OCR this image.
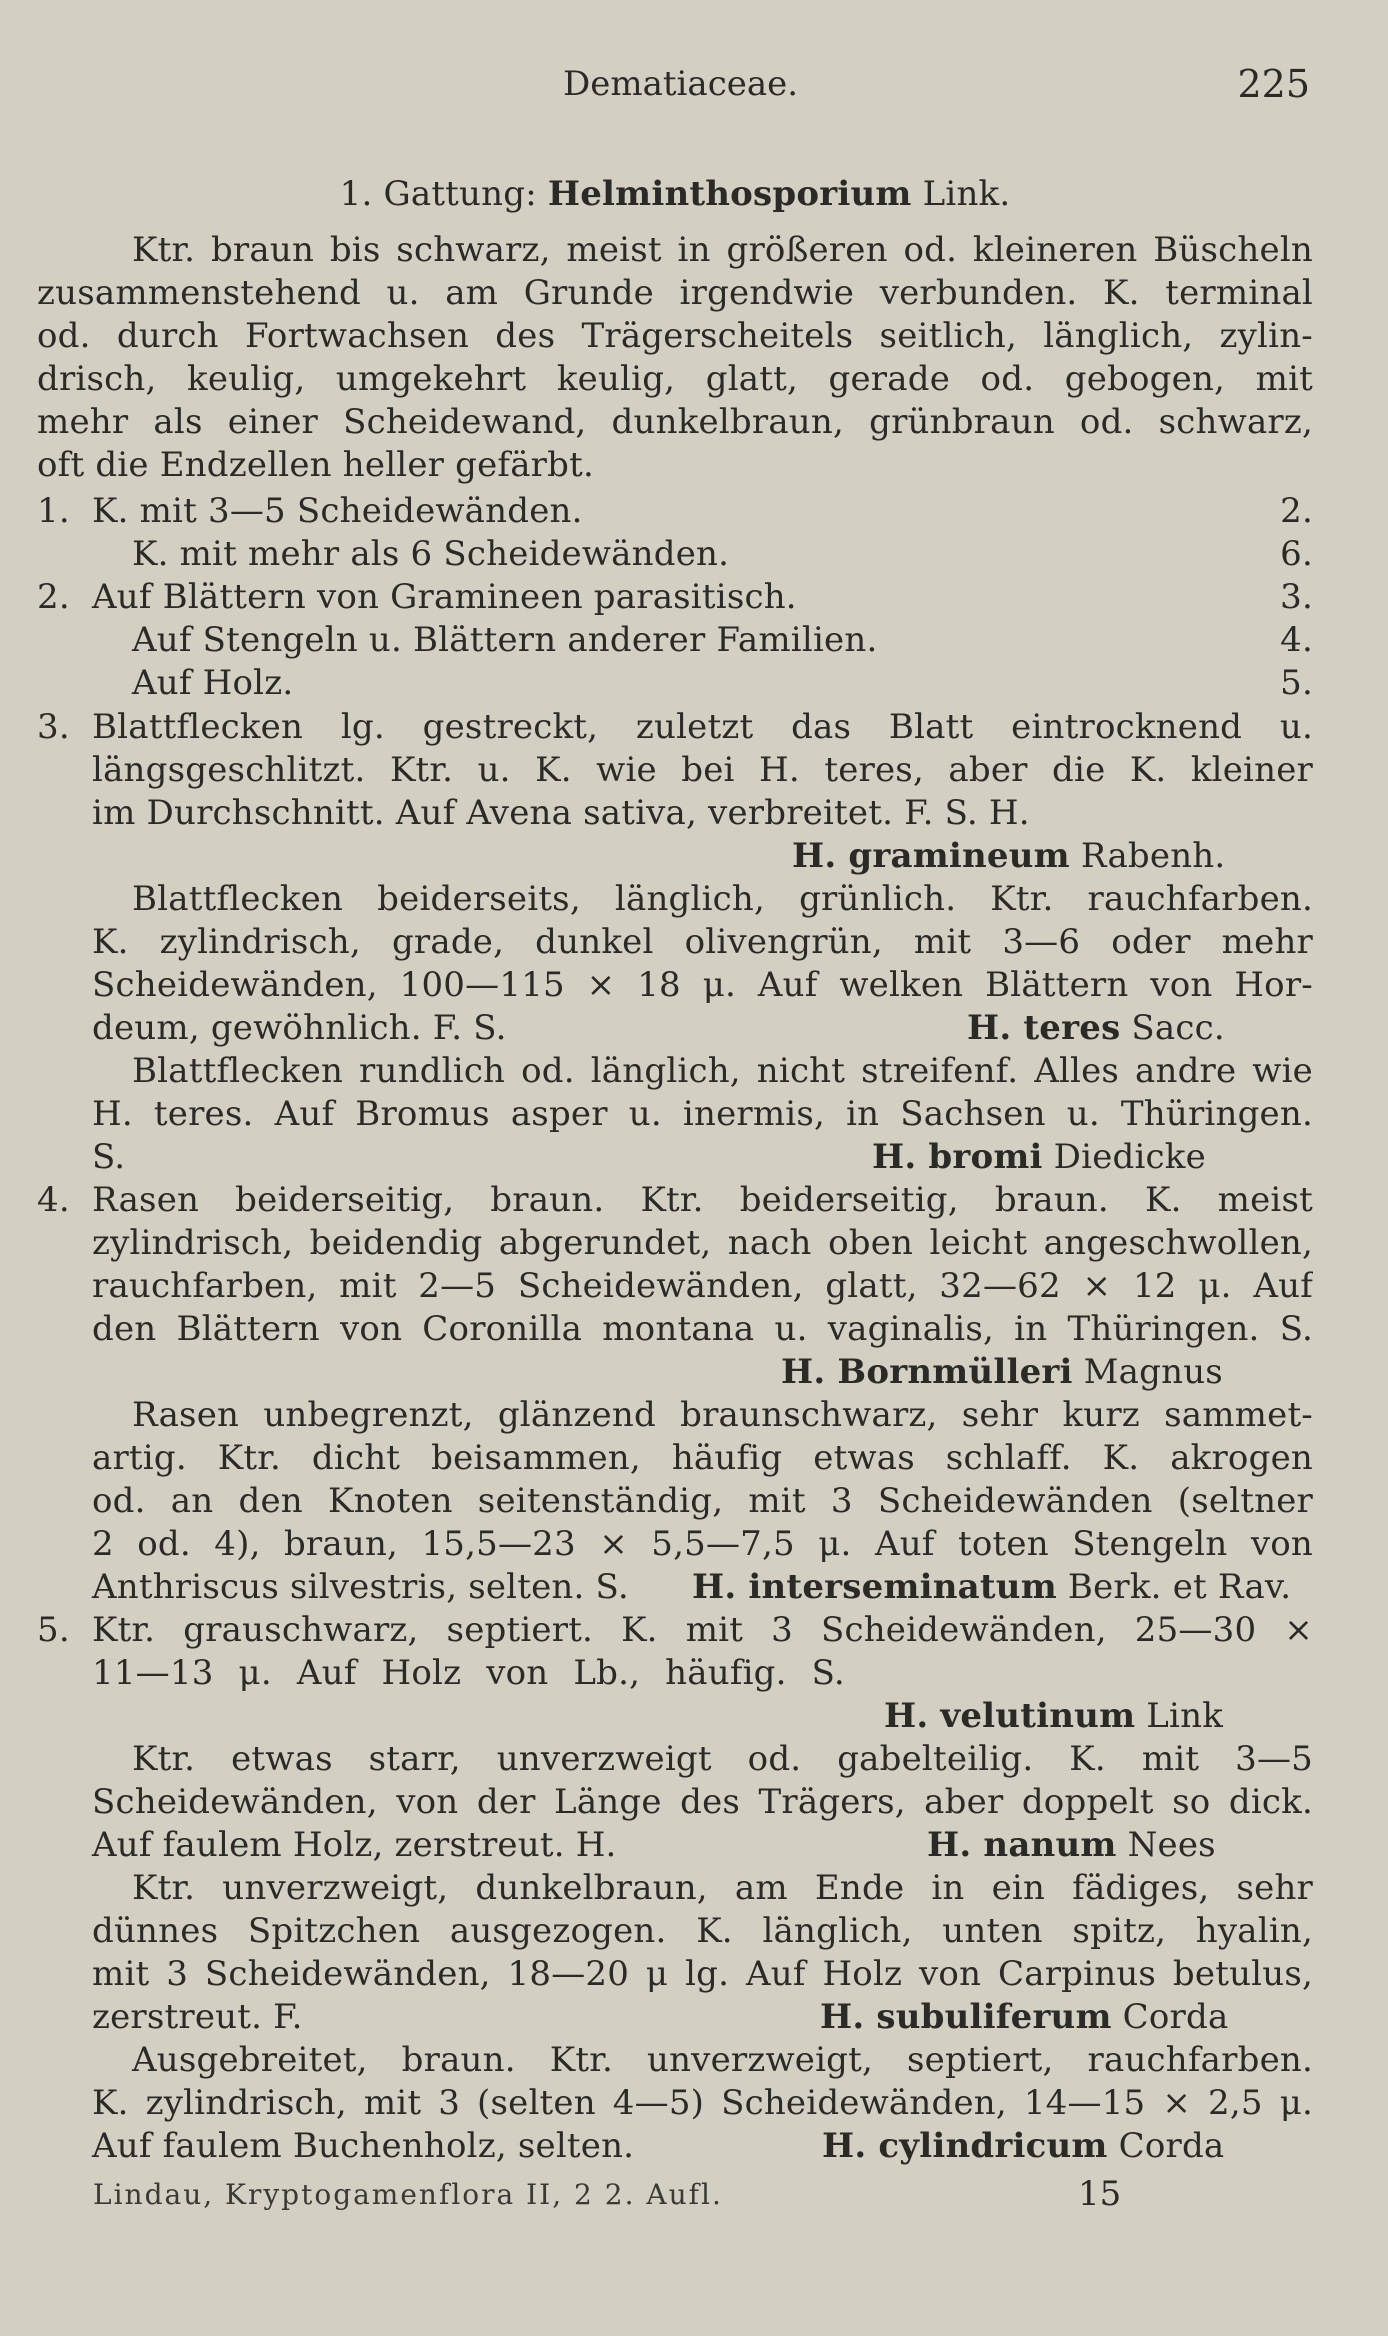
Dematiaceae.	225
1. Gattung: Helminthosporium Link.
Ktr. braun bis schwarz, meist in größeren od. kleineren Büscheln
zusammenstehend u. am Grunde irgendwie verbunden. K. terminal
od. durch Fortwachsen des Trägerscheitels seitlich, länglich, zylin-
drisch, keulig, umgekehrt keulig, glatt, gerade od. gebogen, mit
mehr als einer Scheidewand, dunkelbraun, grünbraun od. schwarz,
oft die Endzellen heller gefärbt.
1. K. mit 3—5 Scheidewänden.	2.
K. mit mehr als 6 Scheidewänden.	6.
2. Auf Blättern von Gramineen parasitisch.	3.
Auf Stengeln u. Blättern anderer Familien.	4.
Auf Holz.	5.
3. Blattflecken lg. gestreckt, zuletzt das Blatt eintrocknend u.
längsgeschlitzt. Ktr. u. K. wie bei H. teres, aber die K. kleiner
im Durchschnitt. Auf Avena sativa, verbreitet. F. S. H.
H. gramineum Rabenh.
Blattflecken beiderseits, länglich, grünlich. Ktr. rauchfarben.
K. zylindrisch, grade, dunkel olivengrün, mit 3—6 oder mehr
Scheidewänden, 100—115 × 18 μ. Auf welken Blättern von Hor-
deum, gewöhnlich. F. S.	H. teres Sacc.
Blattflecken rundlich od. länglich, nicht streifenf. Alles andre wie
H. teres. Auf Bromus asper u. inermis, in Sachsen u. Thüringen.
S.	H. bromi Diedicke
4. Rasen beiderseitig, braun. Ktr. beiderseitig, braun. K. meist
zylindrisch, beidendig abgerundet, nach oben leicht angeschwollen,
rauchfarben, mit 2—5 Scheidewänden, glatt, 32—62 × 12 μ. Auf
den Blättern von Coronilla montana u. vaginalis, in Thüringen. S.
H. Bornmülleri Magnus
Rasen unbegrenzt, glänzend braunschwarz, sehr kurz sammet-
artig. Ktr. dicht beisammen, häufig etwas schlaff. K. akrogen
od. an den Knoten seitenständig, mit 3 Scheidewänden (seltner
2 od. 4), braun, 15,5—23 × 5,5—7,5 μ. Auf toten Stengeln von
Anthriscus silvestris, selten. S. H. interseminatum Berk. et Rav.
5. Ktr. grauschwarz, septiert. K. mit 3 Scheidewänden, 25—30 ×
11—13 μ. Auf Holz von Lb., häufig. S.
H. velutinum Link
Ktr. etwas starr, unverzweigt od. gabelteilig. K. mit 3—5
Scheidewänden, von der Länge des Trägers, aber doppelt so dick.
Auf faulem Holz, zerstreut. H.	H. nanum Nees
Ktr. unverzweigt, dunkelbraun, am Ende in ein fädiges, sehr
dünnes Spitzchen ausgezogen. K. länglich, unten spitz, hyalin,
mit 3 Scheidewänden, 18—20 μ lg. Auf Holz von Carpinus betulus,
zerstreut. F.	H. subuliferum Corda
Ausgebreitet, braun. Ktr. unverzweigt, septiert, rauchfarben.
K. zylindrisch, mit 3 (selten 4—5) Scheidewänden, 14—15 × 2,5 μ.
Auf faulem Buchenholz, selten.	H. cylindricum Corda
Lindau, Kryptogamenflora II, 2 2. Aufl.	15
